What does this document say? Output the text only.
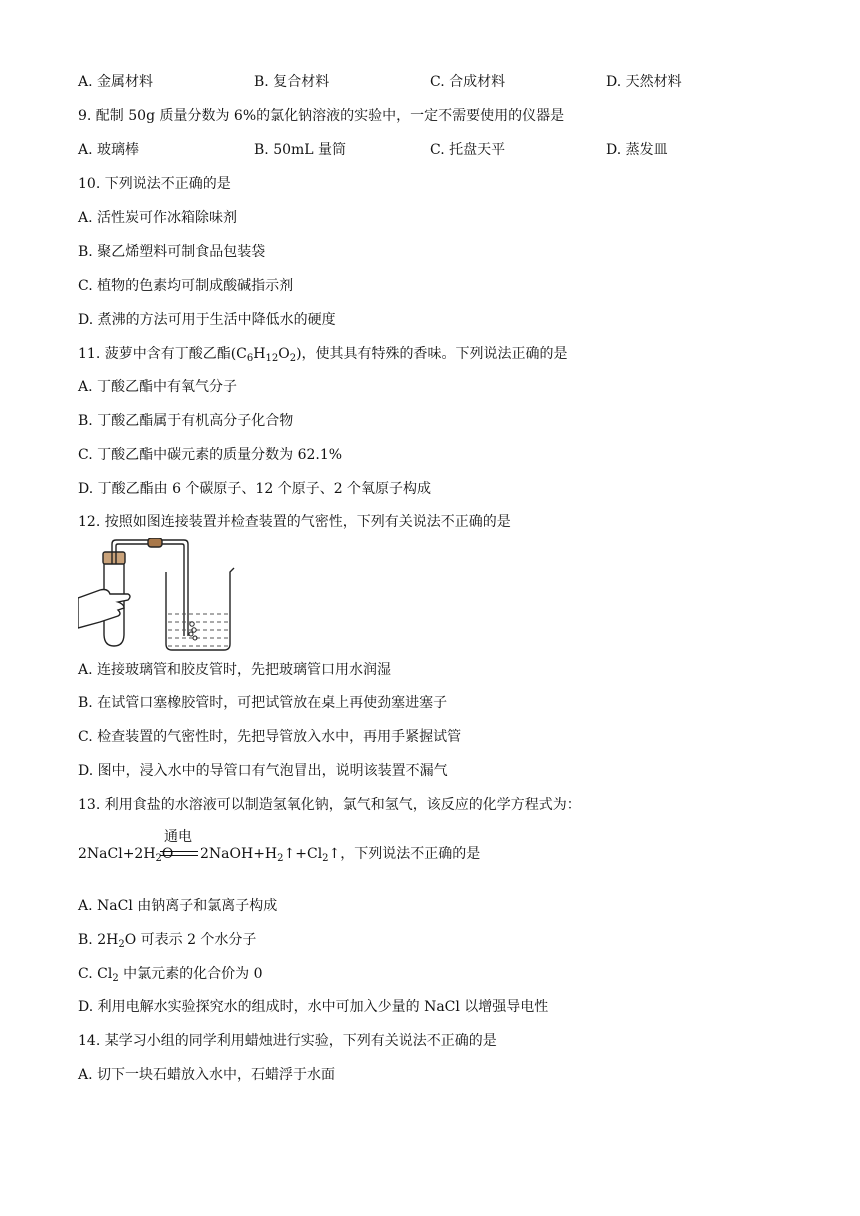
A. 金属材料	B. 复合材料	C. 合成材料	D. 天然材料
9. 配制 50g 质量分数为 6%的氯化钠溶液的实验中，一定不需要使用的仪器是
A. 玻璃棒	B. 50mL 量筒	C. 托盘天平	D. 蒸发皿
10. 下列说法不正确的是
A. 活性炭可作冰箱除味剂
B. 聚乙烯塑料可制食品包装袋
C. 植物的色素均可制成酸碱指示剂
D. 煮沸的方法可用于生活中降低水的硬度
11. 菠萝中含有丁酸乙酯$(C_6H_{12}O_2)$，使其具有特殊的香味。下列说法正确的是
A. 丁酸乙酯中有氧气分子
B. 丁酸乙酯属于有机高分子化合物
C. 丁酸乙酯中碳元素的质量分数为 62.1%
D. 丁酸乙酯由 6 个碳原子、12 个原子、2 个氧原子构成
12. 按照如图连接装置并检查装置的气密性，下列有关说法不正确的是
A. 连接玻璃管和胶皮管时，先把玻璃管口用水润湿
B. 在试管口塞橡胶管时，可把试管放在桌上再使劲塞进塞子
C. 检查装置的气密性时，先把导管放入水中，再用手紧握试管
D. 图中，浸入水中的导管口有气泡冒出，说明该装置不漏气
13. 利用食盐的水溶液可以制造氢氧化钠，氯气和氢气，该反应的化学方程式为：
通电
$2NaCl+2H_2O$ $2NaOH+H_2↑+Cl_2↑$，下列说法不正确的是
A. NaCl 由钠离子和氯离子构成
B. $2H_2O$ 可表示 2 个水分子
C. $Cl_2$ 中氯元素的化合价为 0
D. 利用电解水实验探究水的组成时，水中可加入少量的 NaCl 以增强导电性
14. 某学习小组的同学利用蜡烛进行实验，下列有关说法不正确的是
A. 切下一块石蜡放入水中，石蜡浮于水面
